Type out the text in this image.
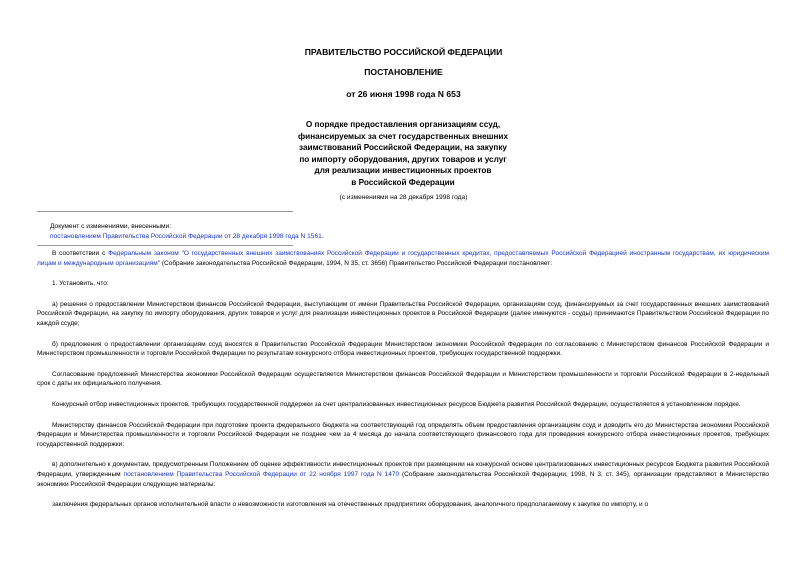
ПРАВИТЕЛЬСТВО РОССИЙСКОЙ ФЕДЕРАЦИИ
ПОСТАНОВЛЕНИЕ
от 26 июня 1998 года N 653
О порядке предоставления организациям ссуд,
финансируемых за счет государственных внешних
заимствований Российской Федерации, на закупку
по импорту оборудования, других товаров и услуг
для реализации инвестиционных проектов
в Российской Федерации
(с изменениями на 28 декабря 1998 года)
Документ с изменениями, внесенными:
постановлением Правительства Российской Федерации от 28 декабря 1998 года N 1561.

В соответствии с Федеральным законом "О государственных внешних заимствованиях Российской Федерации и государственных кредитах, предоставляемых Российской Федерацией иностранным государствам, их юридическим лицам и международным организациям" (Собрание законодательства Российской Федерации, 1994, N 35, ст. 3656) Правительство Российской Федерации постановляет:

1. Установить, что:

а) решения о предоставлении Министерством финансов Российской Федерации, выступающим от имени Правительства Российской Федерации, организациям ссуд, финансируемых за счет государственных внешних заимствований Российской Федерации, на закупку по импорту оборудования, других товаров и услуг для реализации инвестиционных проектов в Российской Федерации (далее именуются - ссуды) принимаются Правительством Российской Федерации по каждой ссуде;

б) предложения о предоставлении организациям ссуд вносятся в Правительство Российской Федерации Министерством экономики Российской Федерации по согласованию с Министерством финансов Российской Федерации и Министерством промышленности и торговли Российской Федерации по результатам конкурсного отбора инвестиционных проектов, требующих государственной поддержки.

Согласование предложений Министерства экономики Российской Федерации осуществляется Министерством финансов Российской Федерации и Министерством промышленности и торговли Российской Федерации в 2-недельный срок с даты их официального получения.

Конкурсный отбор инвестиционных проектов, требующих государственной поддержки за счет централизованных инвестиционных ресурсов Бюджета развития Российской Федерации, осуществляется в установленном порядке.

Министерству финансов Российской Федерации при подготовке проекта федерального бюджета на соответствующий год определять объем предоставления организациям ссуд и доводить его до Министерства экономики Российской Федерации и Министерства промышленности и торговли Российской Федерации не позднее чем за 4 месяца до начала соответствующего финансового года для проведения конкурсного отбора инвестиционных проектов, требующих государственной поддержки;

в) дополнительно к документам, предусмотренным Положением об оценке эффективности инвестиционных проектов при размещении на конкурсной основе централизованных инвестиционных ресурсов Бюджета развития Российской Федерации, утвержденным постановлением Правительства Российской Федерации от 22 ноября 1997 года N 1470 (Собрание законодательства Российской Федерации, 1998, N 3, ст. 345), организации представляют в Министерство экономики Российской Федерации следующие материалы:

заключения федеральных органов исполнительной власти о невозможности изготовления на отечественных предприятиях оборудования, аналогичного предполагаемому к закупке по импорту, и о
